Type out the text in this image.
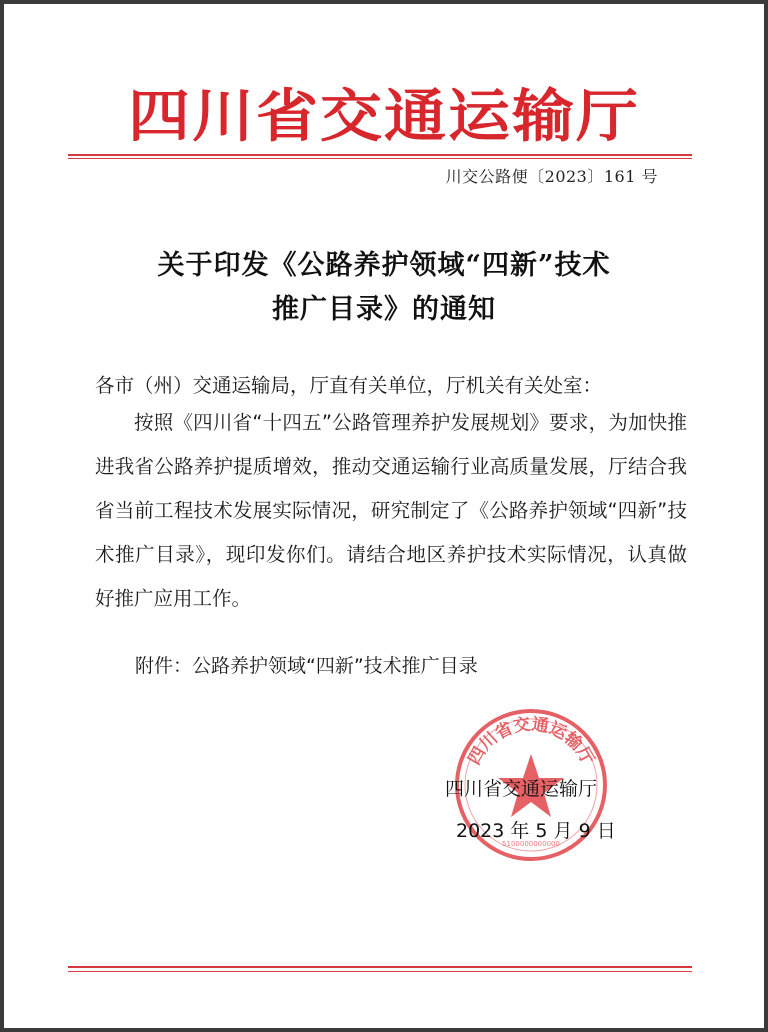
四川省交通运输厅
川交公路便〔2023〕161 号
关于印发《公路养护领域“四新”技术
推广目录》的通知
各市（州）交通运输局，厅直有关单位，厅机关有关处室：
按照《四川省“十四五”公路管理养护发展规划》要求，为加快推进我省公路养护提质增效，推动交通运输行业高质量发展，厅结合我省当前工程技术发展实际情况，研究制定了《公路养护领域“四新”技术推广目录》，现印发你们。请结合地区养护技术实际情况，认真做好推广应用工作。
附件：公路养护领域“四新”技术推广目录
四川省交通运输厅
5100000000000
四川省交通运输厅
2023 年 5 月 9 日
